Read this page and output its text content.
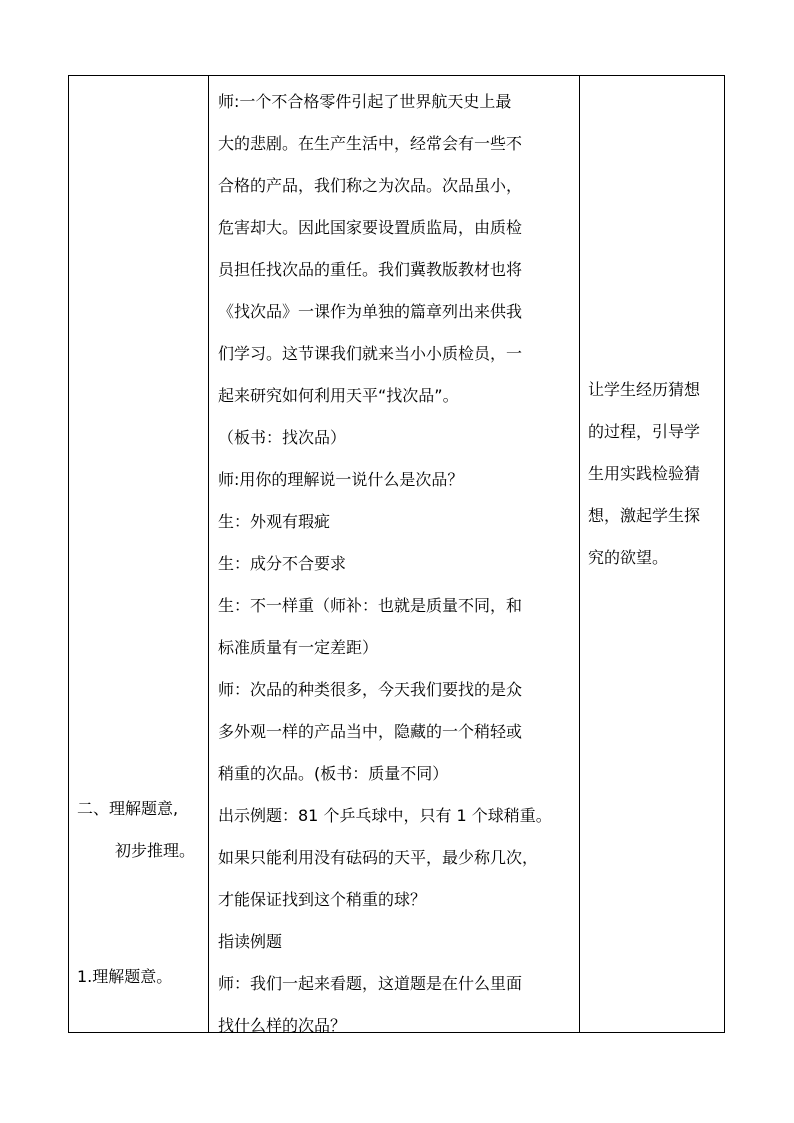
二、理解题意,
初步推理。
1.理解题意。
师:一个不合格零件引起了世界航天史上最
大的悲剧。在生产生活中，经常会有一些不
合格的产品，我们称之为次品。次品虽小，
危害却大。因此国家要设置质监局，由质检
员担任找次品的重任。我们冀教版教材也将
《找次品》一课作为单独的篇章列出来供我
们学习。这节课我们就来当小小质检员，一
起来研究如何利用天平“找次品”。
（板书：找次品）
师:用你的理解说一说什么是次品？
生：外观有瑕疵
生：成分不合要求
生：不一样重（师补：也就是质量不同，和
标准质量有一定差距）
师：次品的种类很多，今天我们要找的是众
多外观一样的产品当中，隐藏的一个稍轻或
稍重的次品。(板书：质量不同）
出示例题：81 个乒乓球中，只有 1 个球稍重。
如果只能利用没有砝码的天平，最少称几次，
才能保证找到这个稍重的球？
指读例题
师：我们一起来看题，这道题是在什么里面
找什么样的次品？
让学生经历猜想
的过程，引导学
生用实践检验猜
想，激起学生探
究的欲望。
